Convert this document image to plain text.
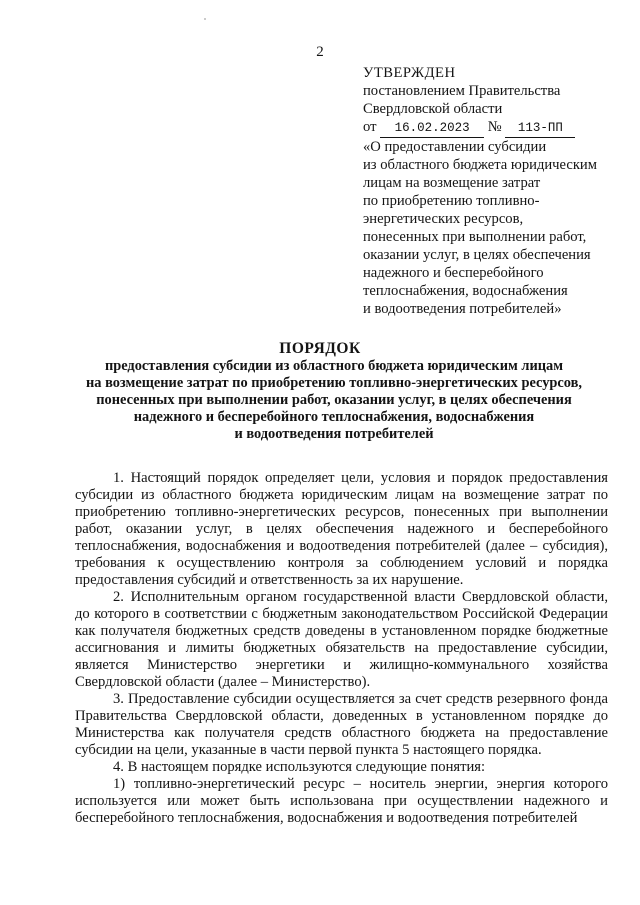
2
УТВЕРЖДЕН
постановлением Правительства
Свердловской области
от 16.02.2023 № 113-ПП
«О предоставлении субсидии
из областного бюджета юридическим
лицам на возмещение затрат
по приобретению топливно-
энергетических ресурсов,
понесенных при выполнении работ,
оказании услуг, в целях обеспечения
надежного и бесперебойного
теплоснабжения, водоснабжения
и водоотведения потребителей»
ПОРЯДОК
предоставления субсидии из областного бюджета юридическим лицам
на возмещение затрат по приобретению топливно-энергетических ресурсов,
понесенных при выполнении работ, оказании услуг, в целях обеспечения
надежного и бесперебойного теплоснабжения, водоснабжения
и водоотведения потребителей

1. Настоящий порядок определяет цели, условия и порядок предоставления субсидии из областного бюджета юридическим лицам на возмещение затрат по приобретению топливно-энергетических ресурсов, понесенных при выполнении работ, оказании услуг, в целях обеспечения надежного и бесперебойного теплоснабжения, водоснабжения и водоотведения потребителей (далее – субсидия), требования к осуществлению контроля за соблюдением условий и порядка предоставления субсидий и ответственность за их нарушение.

2. Исполнительным органом государственной власти Свердловской области, до которого в соответствии с бюджетным законодательством Российской Федерации как получателя бюджетных средств доведены в установленном порядке бюджетные ассигнования и лимиты бюджетных обязательств на предоставление субсидии, является Министерство энергетики и жилищно-коммунального хозяйства Свердловской области (далее – Министерство).

3. Предоставление субсидии осуществляется за счет средств резервного фонда Правительства Свердловской области, доведенных в установленном порядке до Министерства как получателя средств областного бюджета на предоставление субсидии на цели, указанные в части первой пункта 5 настоящего порядка.

4. В настоящем порядке используются следующие понятия:

1) топливно-энергетический ресурс – носитель энергии, энергия которого используется или может быть использована при осуществлении надежного и бесперебойного теплоснабжения, водоснабжения и водоотведения потребителей
